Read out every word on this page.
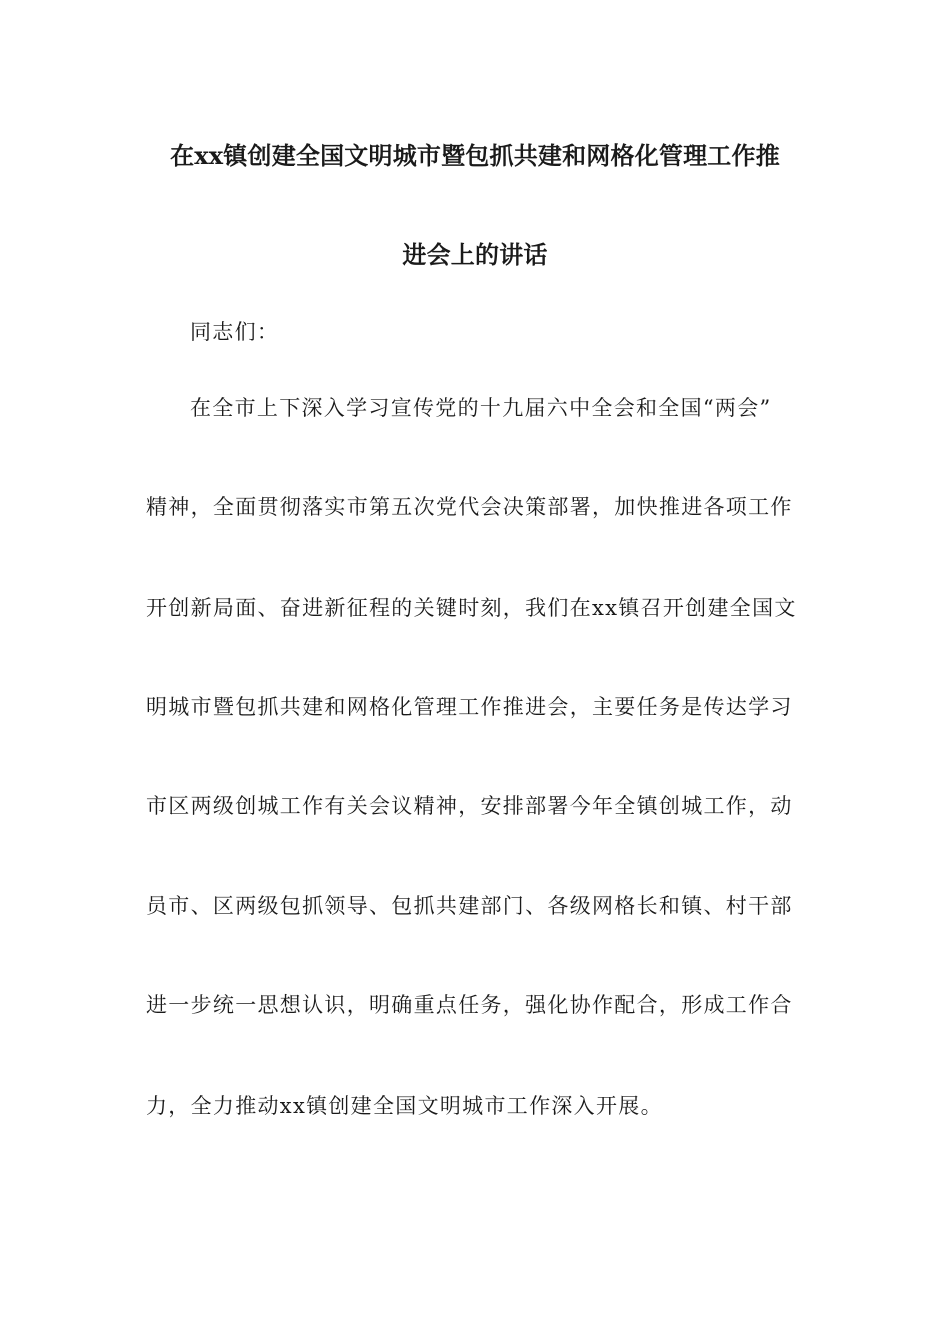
在xx镇创建全国文明城市暨包抓共建和网格化管理工作推
进会上的讲话
同志们：
在全市上下深入学习宣传党的十九届六中全会和全国“两会”
精神，全面贯彻落实市第五次党代会决策部署，加快推进各项工作
开创新局面、奋进新征程的关键时刻，我们在xx镇召开创建全国文
明城市暨包抓共建和网格化管理工作推进会，主要任务是传达学习
市区两级创城工作有关会议精神，安排部署今年全镇创城工作，动
员市、区两级包抓领导、包抓共建部门、各级网格长和镇、村干部
进一步统一思想认识，明确重点任务，强化协作配合，形成工作合
力，全力推动xx镇创建全国文明城市工作深入开展。
